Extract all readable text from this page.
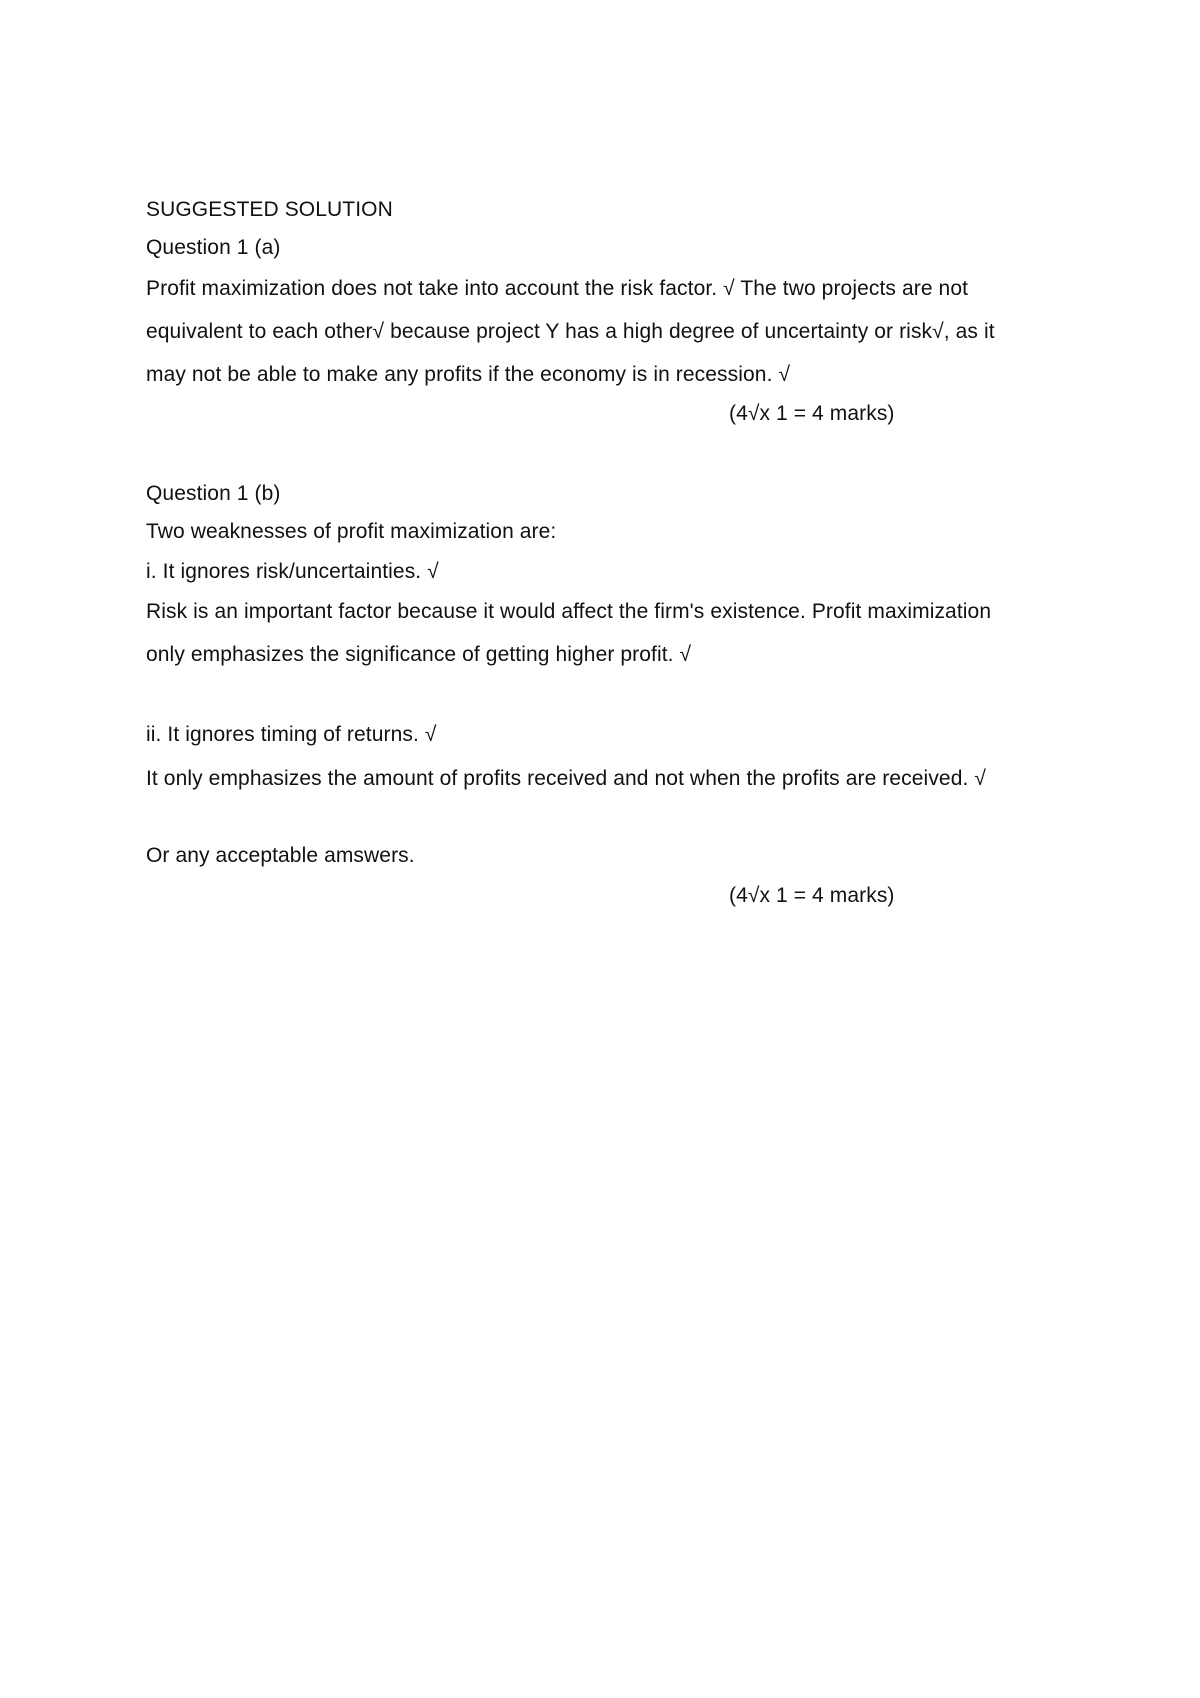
SUGGESTED SOLUTION
Question 1 (a)
Profit maximization does not take into account the risk factor. √ The two projects are not
equivalent to each other√ because project Y has a high degree of uncertainty or risk√, as it
may not be able to make any profits if the economy is in recession. √
(4√x 1 = 4 marks)
Question 1 (b)
Two weaknesses of profit maximization are:
i. It ignores risk/uncertainties. √
Risk is an important factor because it would affect the firm's existence. Profit maximization
only emphasizes the significance of getting higher profit. √
ii. It ignores timing of returns. √
It only emphasizes the amount of profits received and not when the profits are received. √
Or any acceptable amswers.
(4√x 1 = 4 marks)
